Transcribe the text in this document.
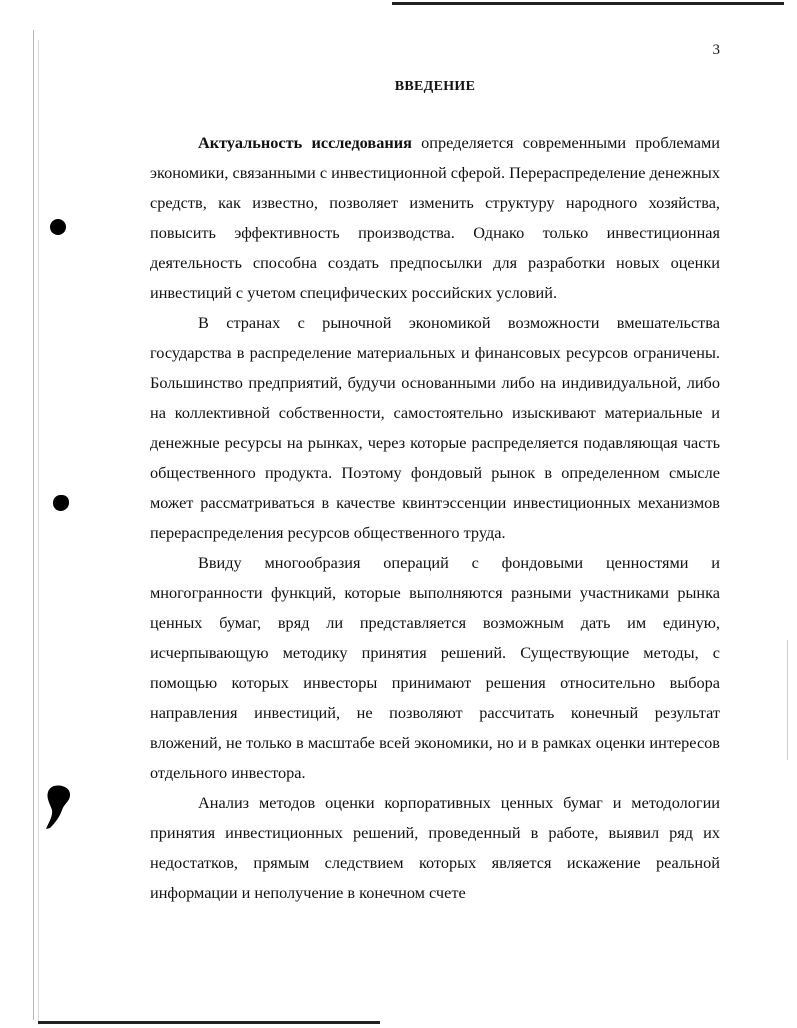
3
ВВЕДЕНИЕ

Актуальность исследования определяется современными проблемами экономики, связанными с инвестиционной сферой. Перераспределение денежных средств, как известно, позволяет изменить структуру народного хозяйства, повысить эффективность производства. Однако только инвестиционная деятельность способна создать предпосылки для разработки новых оценки инвестиций с учетом специфических российских условий.

В странах с рыночной экономикой возможности вмешательства государства в распределение материальных и финансовых ресурсов ограничены. Большинство предприятий, будучи основанными либо на индивидуальной, либо на коллективной собственности, самостоятельно изыскивают материальные и денежные ресурсы на рынках, через которые распределяется подавляющая часть общественного продукта. Поэтому фондовый рынок в определенном смысле может рассматриваться в качестве квинтэссенции инвестиционных механизмов перераспределения ресурсов общественного труда.

Ввиду многообразия операций с фондовыми ценностями и многогранности функций, которые выполняются разными участниками рынка ценных бумаг, вряд ли представляется возможным дать им единую, исчерпывающую методику принятия решений. Существующие методы, с помощью которых инвесторы принимают решения относительно выбора направления инвестиций, не позволяют рассчитать конечный результат вложений, не только в масштабе всей экономики, но и в рамках оценки интересов отдельного инвестора.

Анализ методов оценки корпоративных ценных бумаг и методологии принятия инвестиционных решений, проведенный в работе, выявил ряд их недостатков, прямым следствием которых является искажение реальной информации и неполучение в конечном счете
